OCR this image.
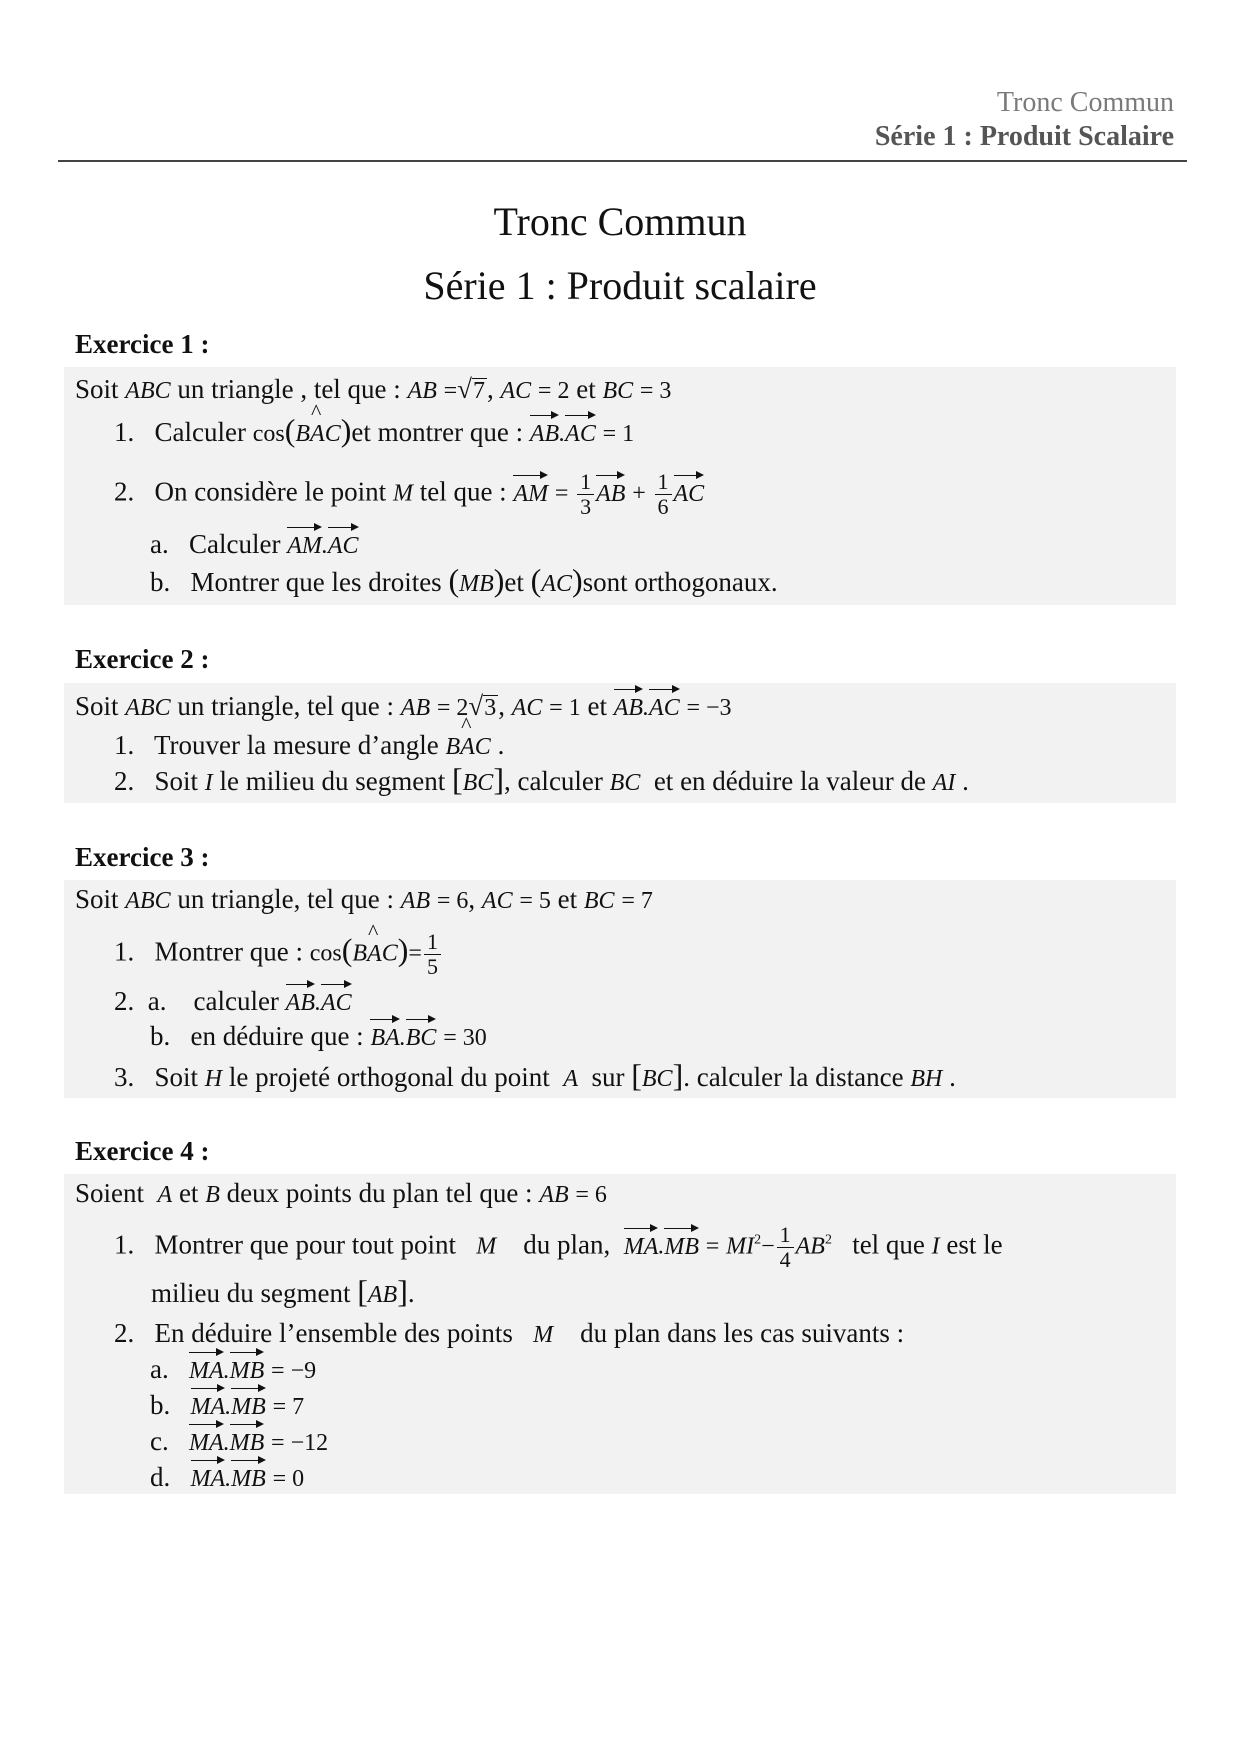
Tronc Commun
Série 1 : Produit Scalaire
Tronc Commun
Série 1 : Produit scalaire
Exercice 1 :
Soit ABC un triangle , tel que : AB =√7, AC = 2 et BC = 3
1. Calculer cos(B^ AC)et montrer que : AB.AC = 1
2. On considère le point M tel que : AM = $\frac{1}{3}$ AB + $\frac{1}{6}$ AC
a. Calculer AM.AC
b. Montrer que les droites (MB)et (AC)sont orthogonaux.
Exercice 2 :
Soit ABC un triangle, tel que : AB = 2√3, AC = 1 et AB.AC = −3
1. Trouver la mesure d’angle B^ AC .
2. Soit I le milieu du segment [BC], calculer BC et en déduire la valeur de AI .
Exercice 3 :
Soit ABC un triangle, tel que : AB = 6, AC = 5 et BC = 7
1. Montrer que : cos(B^ $AC)= \frac{1}{5}$
2. a. calculer AB.AC
b. en déduire que : BA.BC = 30
3. Soit H le projeté orthogonal du point A sur [BC]. calculer la distance BH .
Exercice 4 :
Soient A et B deux points du plan tel que : AB = 6
1. Montrer que pour tout point M du plan, $MA.MB = MI^2- \frac{1}{4} AB^2$ tel que I est le
milieu du segment [AB].
2. En déduire l’ensemble des points M du plan dans les cas suivants :
a. MA.MB = −9
b. MA.MB = 7
c. MA.MB = −12
d. MA.MB = 0
